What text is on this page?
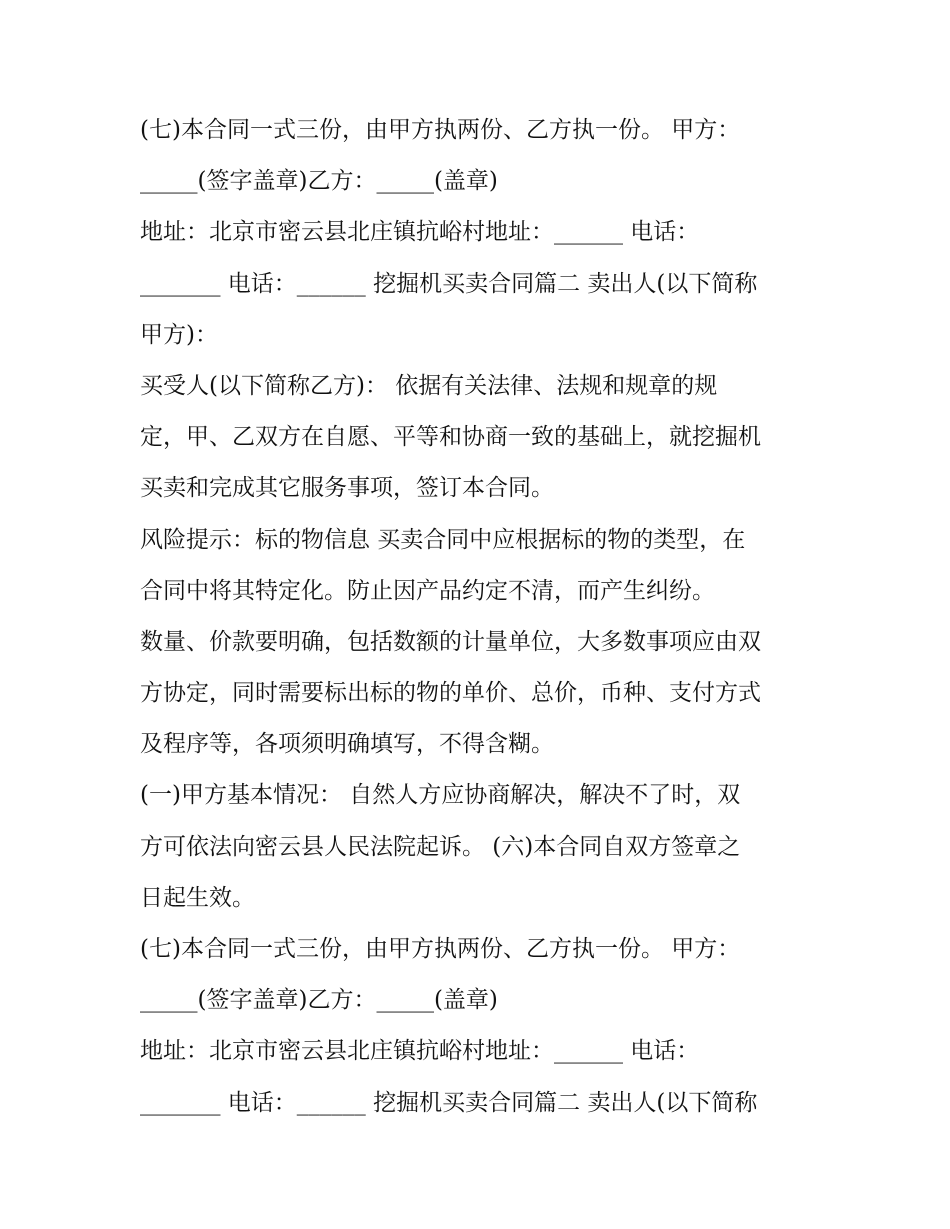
(七)本合同一式三份，由甲方执两份、乙方执一份。 甲方：
_____(签字盖章)乙方：_____(盖章)
地址：北京市密云县北庄镇抗峪村地址：______ 电话：
_______ 电话：______ 挖掘机买卖合同篇二 卖出人(以下简称
甲方)：
买受人(以下简称乙方)： 依据有关法律、法规和规章的规
定，甲、乙双方在自愿、平等和协商一致的基础上，就挖掘机
买卖和完成其它服务事项，签订本合同。
风险提示：标的物信息 买卖合同中应根据标的物的类型，在
合同中将其特定化。防止因产品约定不清，而产生纠纷。
数量、价款要明确，包括数额的计量单位，大多数事项应由双
方协定，同时需要标出标的物的单价、总价，币种、支付方式
及程序等，各项须明确填写，不得含糊。
(一)甲方基本情况： 自然人方应协商解决，解决不了时，双
方可依法向密云县人民法院起诉。 (六)本合同自双方签章之
日起生效。
(七)本合同一式三份，由甲方执两份、乙方执一份。 甲方：
_____(签字盖章)乙方：_____(盖章)
地址：北京市密云县北庄镇抗峪村地址：______ 电话：
_______ 电话：______ 挖掘机买卖合同篇二 卖出人(以下简称
